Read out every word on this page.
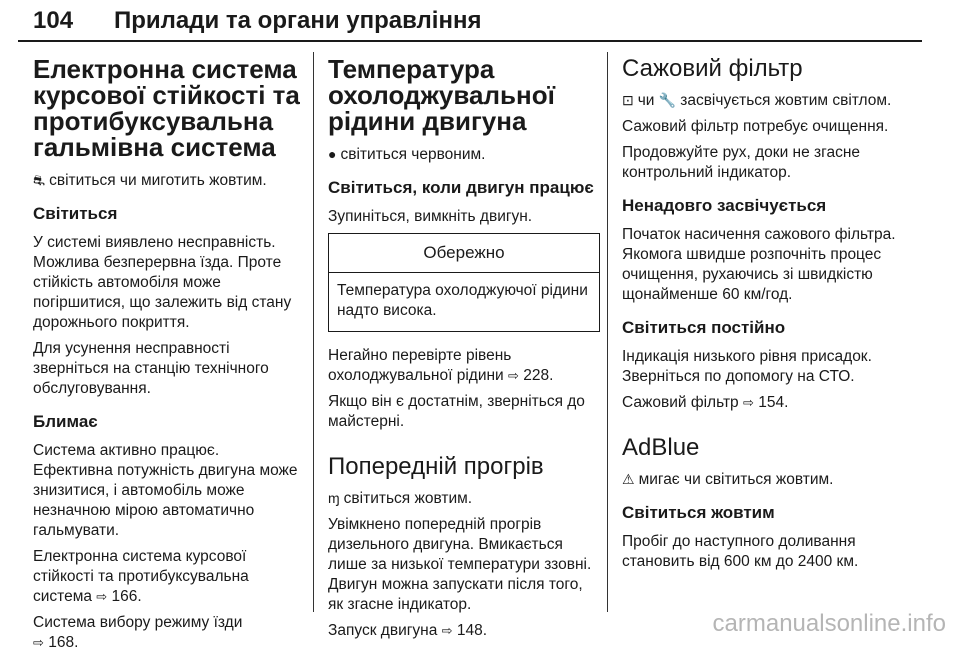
104 Прилади та органи управління
Електронна система курсової стійкості та протибуксувальна гальмівна система

⛐ світиться чи миготить жовтим.

Світиться

У системі виявлено несправність. Можлива безперервна їзда. Проте стійкість автомобіля може погіршитися, що залежить від стану дорожнього покриття.

Для усунення несправності зверніться на станцію технічного обслуговування.

Блимає

Система активно працює. Ефективна потужність двигуна може знизитися, і автомобіль може незначною мірою автоматично гальмувати.

Електронна система курсової стійкості та протибуксувальна система ⇨ 166.

Система вибору режиму їзди
⇨ 168.

Температура охолоджувальної рідини двигуна

● світиться червоним.

Світиться, коли двигун працює

Зупиніться, вимкніть двигун.

Обережно
Температура охолоджуючої рідини надто висока.

Негайно перевірте рівень охолоджувальної рідини ⇨ 228.

Якщо він є достатнім, зверніться до майстерні.

Попередній прогрів

ɱ світиться жовтим.

Увімкнено попередній прогрів дизельного двигуна. Вмикається лише за низької температури ззовні. Двигун можна запускати після того, як згасне індикатор.

Запуск двигуна ⇨ 148.

Сажовий фільтр

⊡ чи 🔧 засвічується жовтим світлом.

Сажовий фільтр потребує очищення.

Продовжуйте рух, доки не згасне контрольний індикатор.

Ненадовго засвічується

Початок насичення сажового фільтра. Якомога швидше розпочніть процес очищення, рухаючись зі швидкістю щонайменше 60 км/год.

Світиться постійно

Індикація низького рівня присадок. Зверніться по допомогу на СТО.

Сажовий фільтр ⇨ 154.

AdBlue

⚠ мигає чи світиться жовтим.

Світиться жовтим

Пробіг до наступного доливання становить від 600 км до 2400 км.

carmanualsonline.info
